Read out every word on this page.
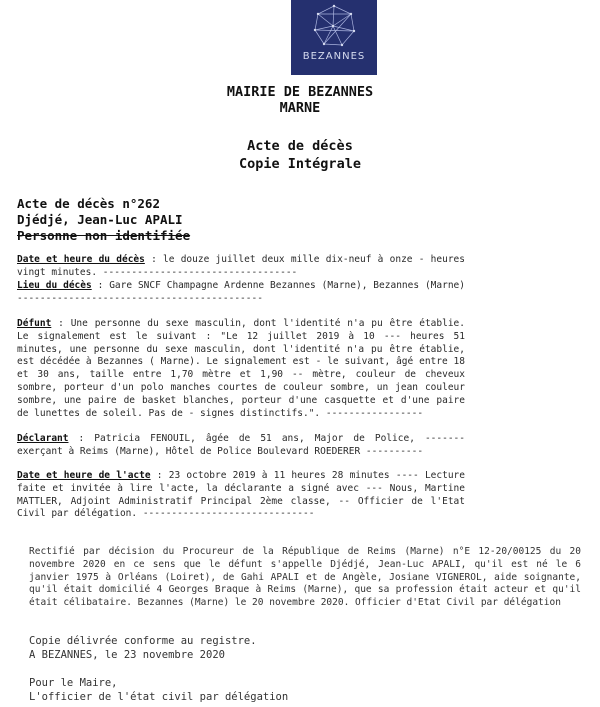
BEZANNES
MAIRIE DE BEZANNES
MARNE
Acte de décès
Copie Intégrale
Acte de décès n°262
Djédjé, Jean-Luc APALI
Personne non identifiée
Date et heure du décès : le douze juillet deux mille dix-neuf à onze - heures vingt minutes. ----------------------------------
Lieu du décès : Gare SNCF Champagne Ardenne Bezannes (Marne), Bezannes (Marne) -------------------------------------------
Défunt : Une personne du sexe masculin, dont l'identité n'a pu être établie. Le signalement est le suivant : "Le 12 juillet 2019 à 10 --- heures 51 minutes, une personne du sexe masculin, dont l'identité n'a pu être établie, est décédée à Bezannes ( Marne). Le signalement est - le suivant, âgé entre 18 et 30 ans, taille entre 1,70 mètre et 1,90 -- mètre, couleur de cheveux sombre, porteur d'un polo manches courtes de couleur sombre, un jean couleur sombre, une paire de basket blanches, porteur d'une casquette et d'une paire de lunettes de soleil. Pas de - signes distinctifs.". -----------------
Déclarant : Patricia FENOUIL, âgée de 51 ans, Major de Police, ------- exerçant à Reims (Marne), Hôtel de Police Boulevard ROEDERER ----------
Date et heure de l'acte : 23 octobre 2019 à 11 heures 28 minutes ---- Lecture faite et invitée à lire l'acte, la déclarante a signé avec --- Nous, Martine MATTLER, Adjoint Administratif Principal 2ème classe, -- Officier de l'Etat Civil par délégation. ------------------------------
Rectifié par décision du Procureur de la République de Reims (Marne) n°E 12-20/00125 du 20 novembre 2020 en ce sens que le défunt s'appelle Djédjé, Jean-Luc APALI, qu'il est né le 6 janvier 1975 à Orléans (Loiret), de Gahi APALI et de Angèle, Josiane VIGNEROL, aide soignante, qu'il était domicilié 4 Georges Braque à Reims (Marne), que sa profession était acteur et qu'il était célibataire. Bezannes (Marne) le 20 novembre 2020. Officier d'Etat Civil par délégation
Copie délivrée conforme au registre.
A BEZANNES, le 23 novembre 2020
Pour le Maire,
L'officier de l'état civil par délégation
